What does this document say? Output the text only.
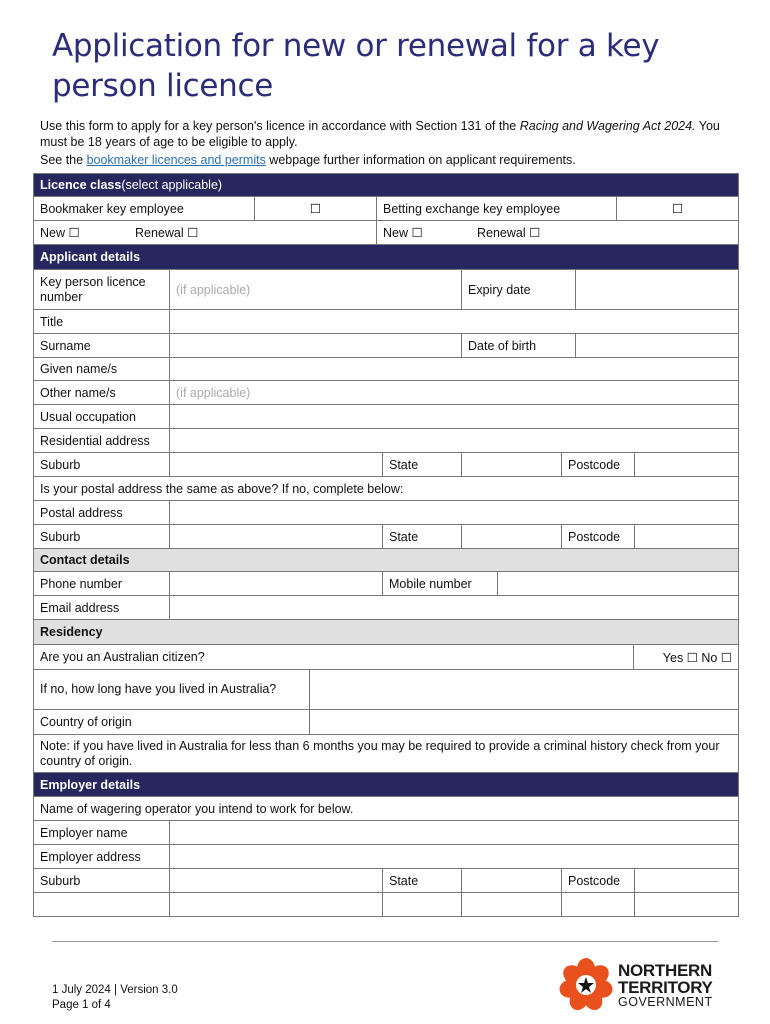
Application for new or renewal for a key person licence

Use this form to apply for a key person's licence in accordance with Section 131 of the Racing and Wagering Act 2024. You must be 18 years of age to be eligible to apply.

See the bookmaker licences and permits webpage further information on applicant requirements.

Licence class (select applicable)
Bookmaker key employee	☐	Betting exchange key employee	☐
New ☐	Renewal ☐	New ☐	Renewal ☐
Applicant details
Key person licence number	(if applicable)	Expiry date
Title
Surname	Date of birth
Given name/s
Other name/s	(if applicable)
Usual occupation
Residential address
Suburb	State	Postcode
Is your postal address the same as above? If no, complete below:
Postal address
Suburb	State	Postcode
Contact details
Phone number	Mobile number
Email address
Residency
Are you an Australian citizen?	Yes ☐ No ☐
If no, how long have you lived in Australia?
Country of origin
Note: if you have lived in Australia for less than 6 months you may be required to provide a criminal history check from your country of origin.
Employer details
Name of wagering operator you intend to work for below.
Employer name
Employer address
Suburb	State	Postcode
1 July 2024 | Version 3.0
Page 1 of 4
NORTHERN
TERRITORY
GOVERNMENT
